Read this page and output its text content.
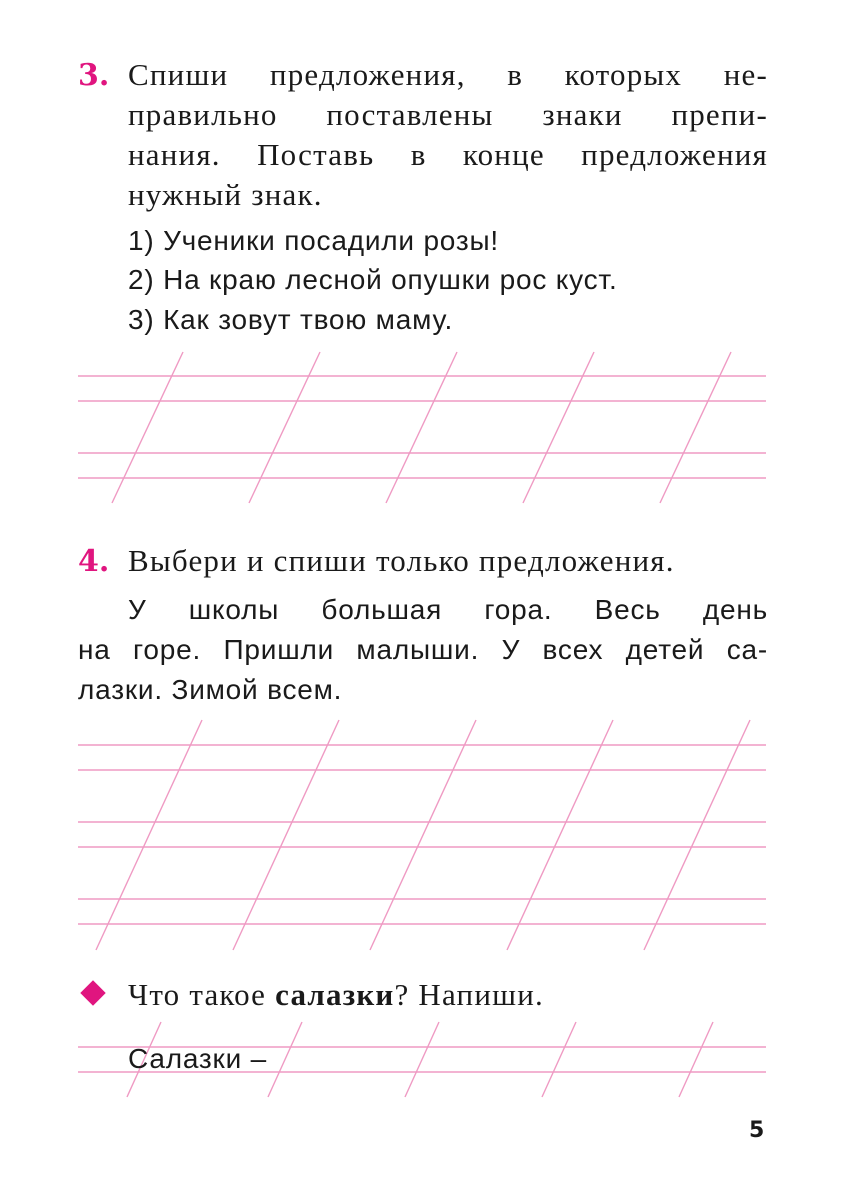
3. Спиши предложения, в которых не-
правильно поставлены знаки препи-
нания. Поставь в конце предложения
нужный знак.
1) Ученики посадили розы!
2) На краю лесной опушки рос куст.
3) Как зовут твою маму.
4. Выбери и спиши только предложения.
У школы большая гора. Весь день
на горе. Пришли малыши. У всех детей са-
лазки. Зимой всем.
Что такое салазки? Напиши.
Салазки –
5
